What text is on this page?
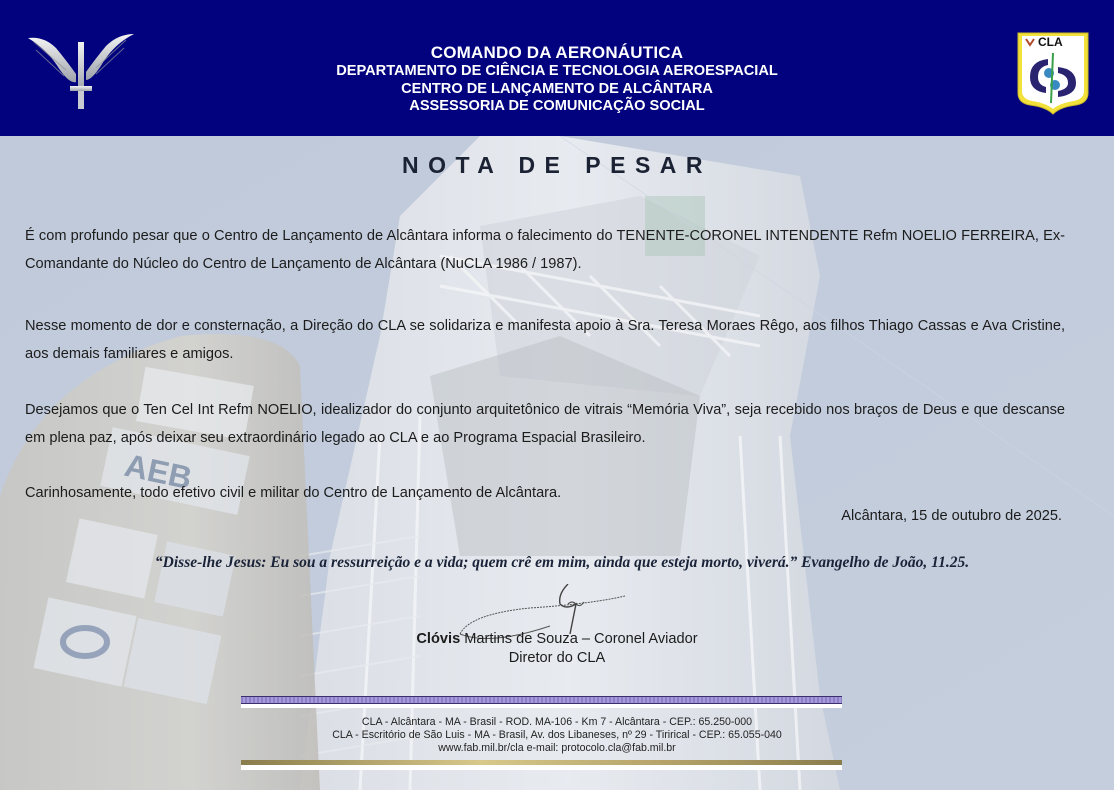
AEB
COMANDO DA AERONÁUTICA
DEPARTAMENTO DE CIÊNCIA E TECNOLOGIA AEROESPACIAL
CENTRO DE LANÇAMENTO DE ALCÂNTARA
ASSESSORIA DE COMUNICAÇÃO SOCIAL
CLA
NOTA DE PESAR

É com profundo pesar que o Centro de Lançamento de Alcântara informa o falecimento do TENENTE-CORONEL INTENDENTE Refm NOELIO FERREIRA, Ex-Comandante do Núcleo do Centro de Lançamento de Alcântara (NuCLA 1986 / 1987).

Nesse momento de dor e consternação, a Direção do CLA se solidariza e manifesta apoio à Sra. Teresa Moraes Rêgo, aos filhos Thiago Cassas e Ava Cristine, aos demais familiares e amigos.

Desejamos que o Ten Cel Int Refm NOELIO, idealizador do conjunto arquitetônico de vitrais “Memória Viva”, seja recebido nos braços de Deus e que descanse em plena paz, após deixar seu extraordinário legado ao CLA e ao Programa Espacial Brasileiro.

Carinhosamente, todo efetivo civil e militar do Centro de Lançamento de Alcântara.

Alcântara, 15 de outubro de 2025.
“Disse-lhe Jesus: Eu sou a ressurreição e a vida; quem crê em mim, ainda que esteja morto, viverá.” Evangelho de João, 11.25.
Clóvis Martins de Souza – Coronel Aviador
Diretor do CLA
CLA - Alcântara - MA - Brasil - ROD. MA-106 - Km 7 - Alcântara - CEP.: 65.250-000
CLA - Escritório de São Luis - MA - Brasil, Av. dos Libaneses, nº 29 - Tirirical - CEP.: 65.055-040
www.fab.mil.br/cla e-mail: protocolo.cla@fab.mil.br
